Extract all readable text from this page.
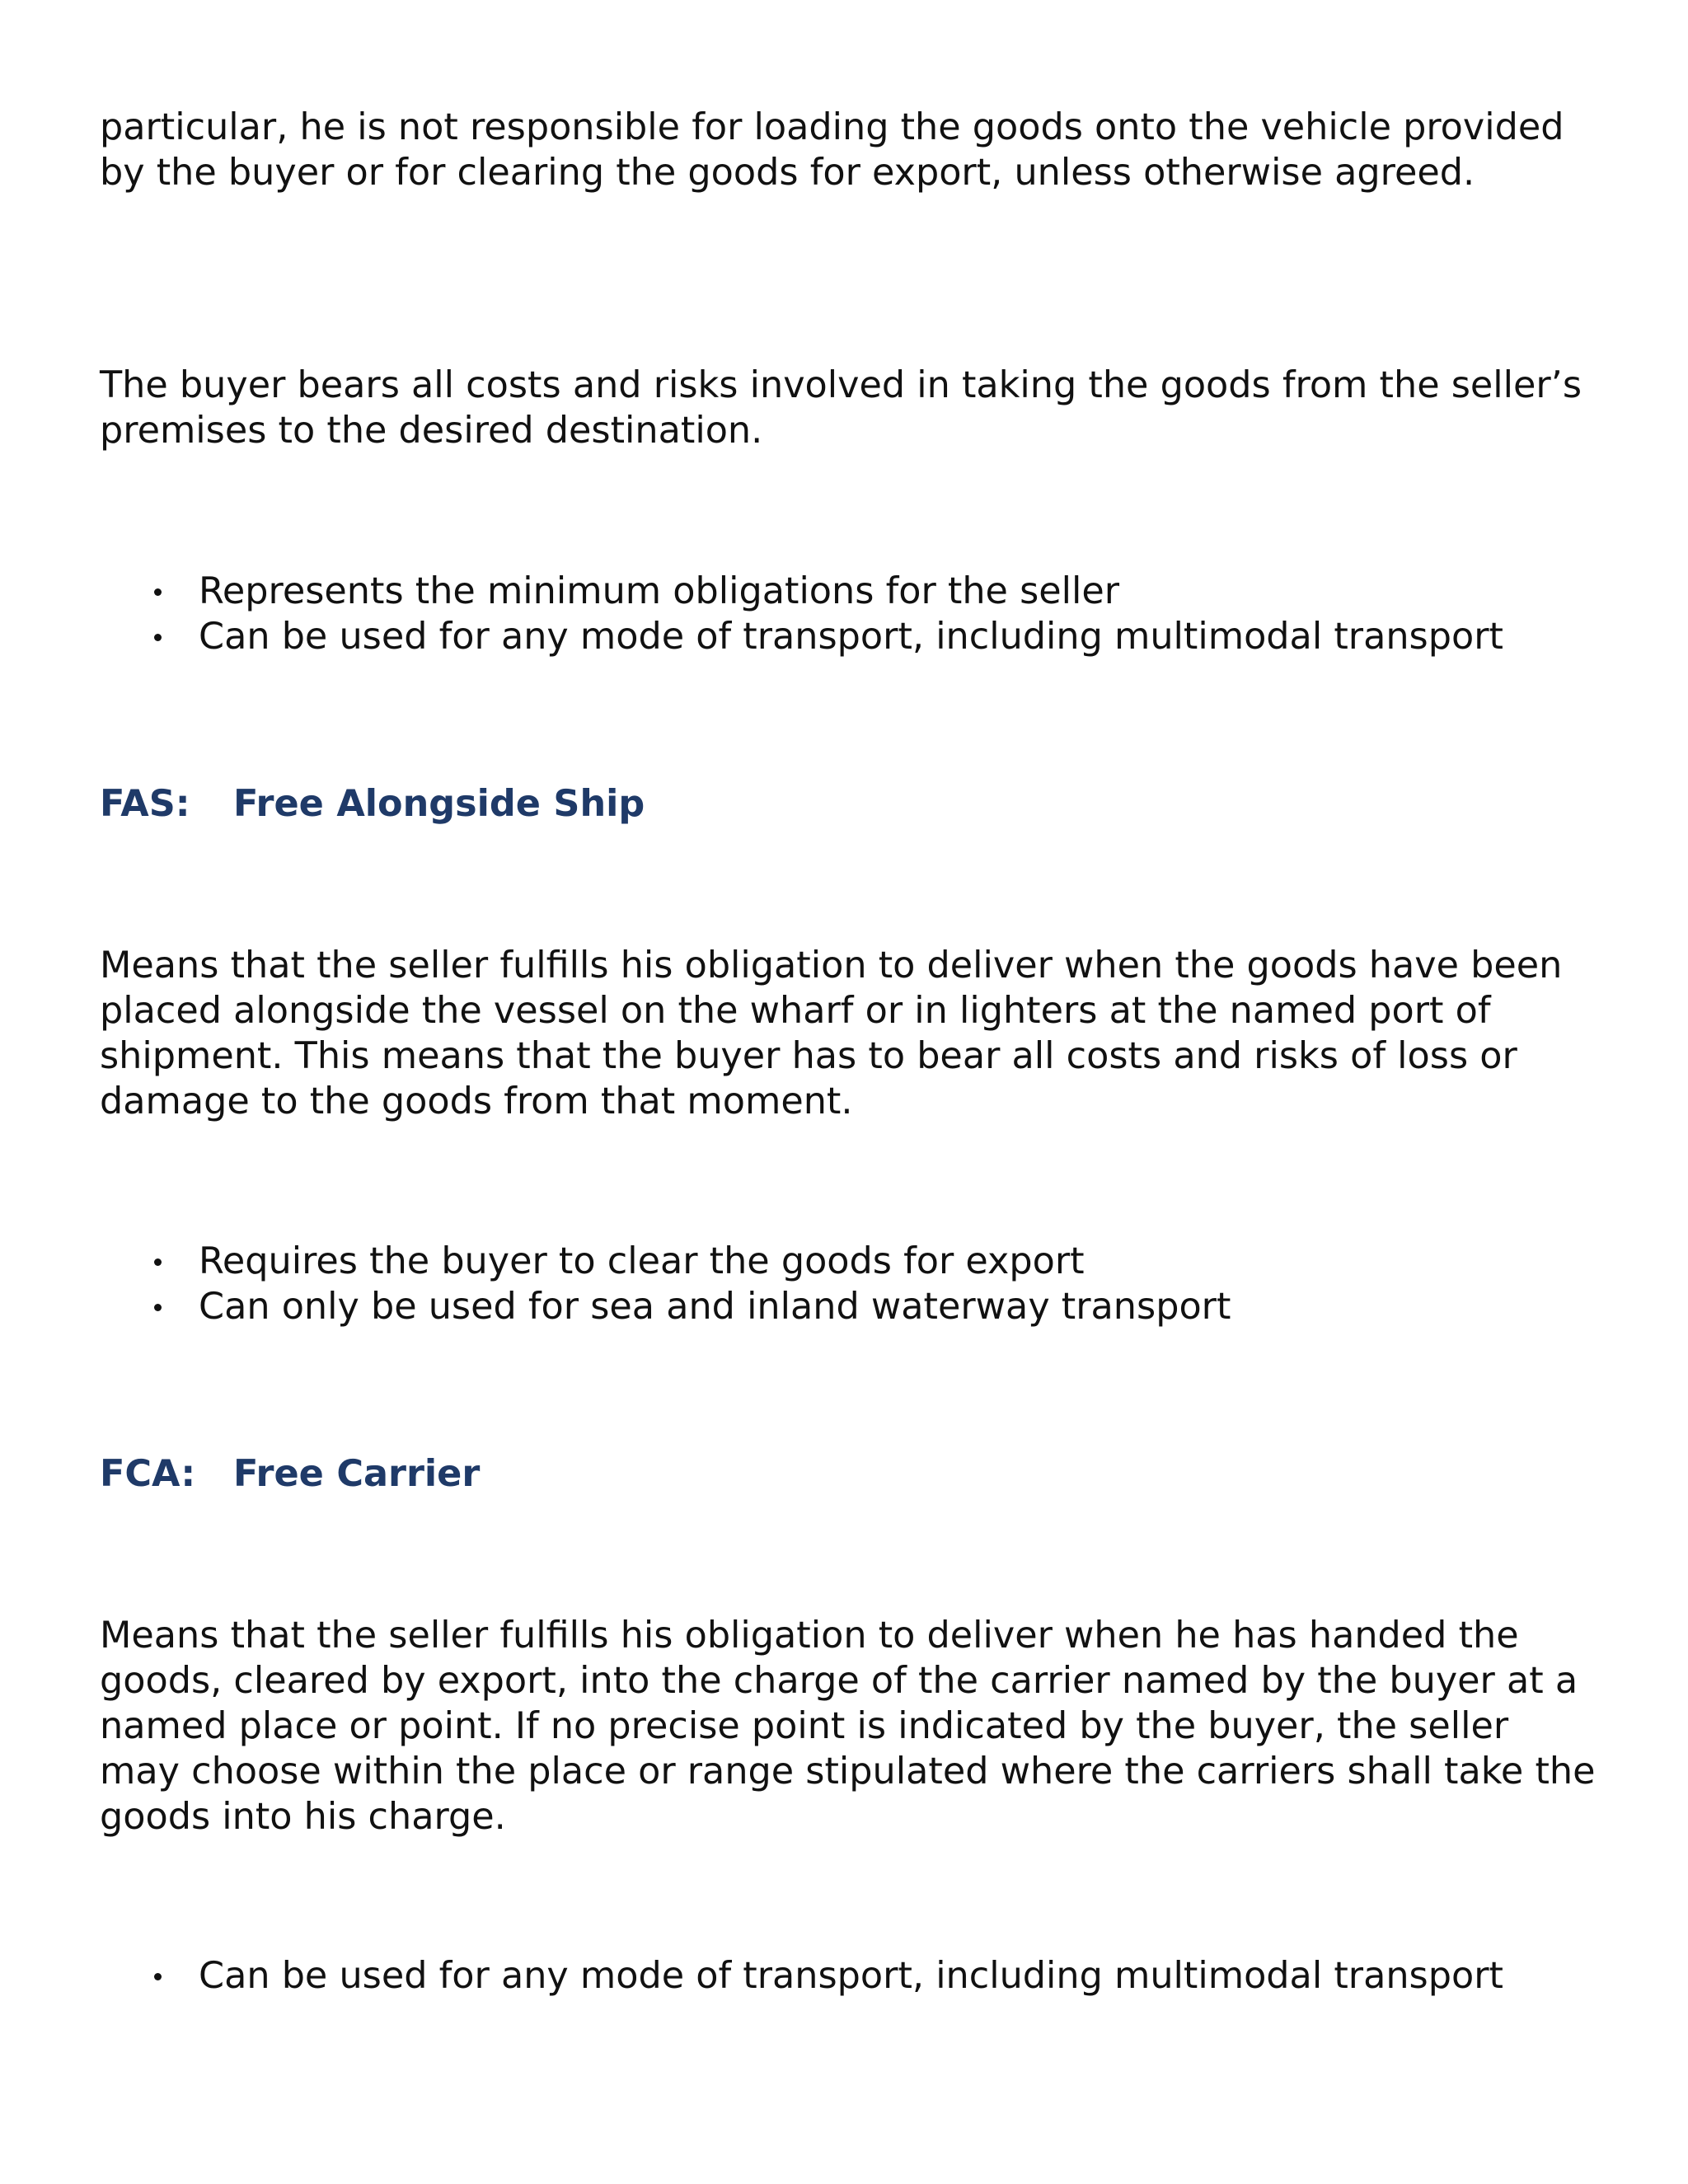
particular, he is not responsible for loading the goods onto the vehicle provided by the buyer or for clearing the goods for export, unless otherwise agreed.

The buyer bears all costs and risks involved in taking the goods from the seller’s premises to the desired destination.

Represents the minimum obligations for the seller
Can be used for any mode of transport, including multimodal transport
FAS: Free Alongside Ship

Means that the seller fulfills his obligation to deliver when the goods have been placed alongside the vessel on the wharf or in lighters at the named port of shipment. This means that the buyer has to bear all costs and risks of loss or damage to the goods from that moment.

Requires the buyer to clear the goods for export
Can only be used for sea and inland waterway transport
FCA: Free Carrier

Means that the seller fulfills his obligation to deliver when he has handed the goods, cleared by export, into the charge of the carrier named by the buyer at a named place or point. If no precise point is indicated by the buyer, the seller may choose within the place or range stipulated where the carriers shall take the goods into his charge.

Can be used for any mode of transport, including multimodal transport
